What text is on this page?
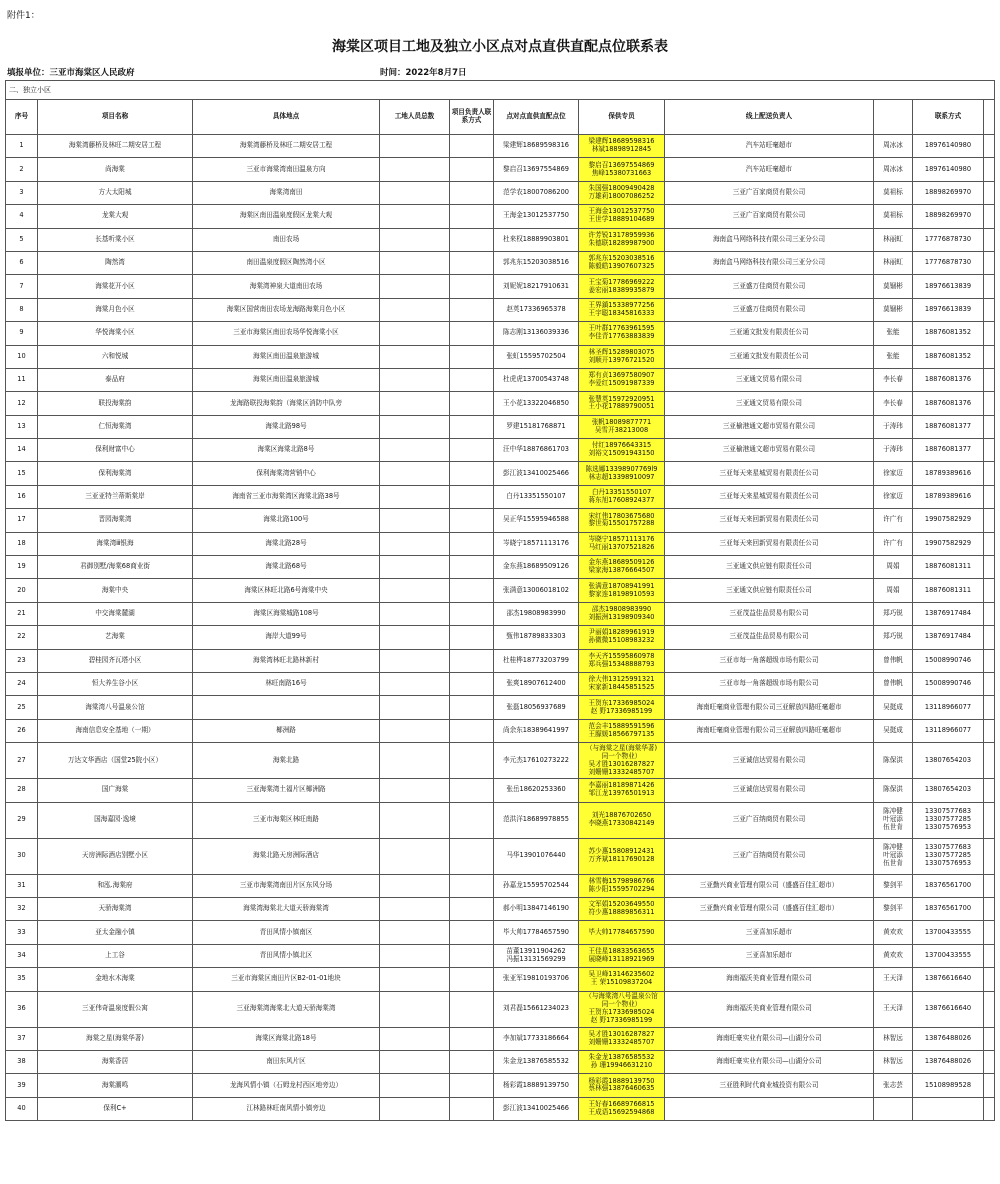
附件1：
海棠区项目工地及独立小区点对点直供直配点位联系表
填报单位：三亚市海棠区人民政府	时间：2022年8月7日
二、独立小区										
序号	项目名称	具体地点	工地人员总数	项目负责人联系方式	点对点直供直配点位	保供专员	线上配送负责人		联系方式	

1	海棠湾藤桥及林旺二期安居工程	海棠湾藤桥及林旺二期安居工程			梁建辉18689598316	梁建辉18689598316
林斌18898912845	汽车站旺毫超市	周冰冰	18976140980	

2	尚海棠	三亚市海棠湾南田温泉方向			黎启召13697554869	黎启召13697554869
焦峰15380731663	汽车站旺毫超市	周冰冰	18976140980	

3	方大太阳城	海棠湾南田			范学农18007086200	朱国强18009490428
万雄莉18007086252	三亚广百家商贸有限公司	莫祖标	18898269970	

4	龙棠大观	海棠区南田温泉度假区龙棠大观			王海金13012537750	王海金13012537750
王世学18889104689	三亚广百家商贸有限公司	莫祖标	18898269970	

5	长基听棠小区	南田农场			杜来权18889903801	许芳锐13178959936
朱德联18289987900	海南盒马网络科技有限公司三亚分公司	林丽虹	17776878730	

6	陶然湾	南田温泉度假区陶然湾小区			郭兆东15203038516	郭兆东15203038516
陈毅皓13907607325	海南盒马网络科技有限公司三亚分公司	林丽虹	17776878730	

7	海棠花开小区	海棠湾神泉大道南田农场			刘妮妮18217910631	王宝菊17786969222
姜宏丽18389935879	三亚盛万佳商贸有限公司	莫锢彬	18976613839	

8	海棠月色小区	海棠区国营南田农场龙海路海棠月色小区			赵英17336965378	王界鎮15338977256
王宇聪18345816333	三亚盛万佳商贸有限公司	莫锢彬	18976613839	

9	华悦海棠小区	三亚市海棠区南田农场华悦海棠小区			陈志刚13136039336	王叶群17763961595
李佳青17763883839	三亚通文批发有限责任公司	张能	18876081352	

10	六和悦城	海棠区南田温泉旅游城			张虹15595702504	林圣辉15289803075
刘顺开13976721520	三亚通文批发有限责任公司	张能	18876081352	

11	泰品府	海棠区南田温泉旅游城			杜虎虎13700543748	郑有贞13697580907
李爱红15091987339	三亚通文贸易有限公司	李长春	18876081376	

12	联投海棠韵	龙海路联投海棠韵（海棠区消防中队旁			王小花13322046850	张慧英15972920951
王小花17889790051	三亚通文贸易有限公司	李长春	18876081376	

13	仁恒海棠湾	海棠北路98号			罗建15181768871	张帆18089877771
吴雪开38213008	三亚榆港通文超市贸易有限公司	于涛玮	18876081377	

14	保利财富中心	海棠区海棠北路8号			汪中华18876861703	付红18976643315
刘裕文15091943150	三亚榆港通文超市贸易有限公司	于涛玮	18876081377	

15	保利海棠湾	保利海棠湾营销中心			彭江波13410025466	陈选娜13398907769l9
林志超13398910097	三亚每天来星城贸易有限责任公司	徐家迈	18789389616	

16	三亚亚特兰蒂斯棠岸	海南省三亚市海棠湾区海棠北路38号			白丹13351550107	白丹13351550107
蒋东旭17608924377	三亚每天来星城贸易有限责任公司	徐家迈	18789389616	

17	晋园海棠湾	海棠北路100号			吴正华15595946588	宋红伟17803675680
黎世菊15501757288	三亚每天来回新贸易有限责任公司	许广有	19907582929	

18	海棠湾ⅲ银海	海棠北路28号			岑晓宁18571113176	岑晓宁18571113176
马红丽13707521826	三亚每天来回新贸易有限责任公司	许广有	19907582929	

19	君御别墅/海棠68商业街	海棠北路68号			金东燕18689509126	金东燕18689509126
梁家海13876664507	三亚通文供应链有限责任公司	周娟	18876081311	

20	海棠中央	海棠区林旺北路6号海棠中央			张满意13006018102	张满意18708941991
黎家连18198910593	三亚通文供应链有限责任公司	周娟	18876081311	

21	中交海棠麓湖	海棠区海棠城路108号			邵杰19808983990	邵杰19808983990
刘振洲13198909340	三亚茂益佳品贸易有限公司	郑巧锐	13876917484	

22	艺海棠	海岸大道99号			甄伟18789833303	尹丽娟18289961919
孙微微15108983232	三亚茂益佳品贸易有限公司	郑巧锐	13876917484	

23	碧桂园齐瓦塔小区	海棠湾林旺北路林新村			杜桂桦18773203799	李天齐15595860978
郑兵强15348888793	三亚市每一角落超级市场有限公司	曾伟帆	15008990746	

24	恒大养生谷小区	林旺南路16号			张爽18907612400	徐大伟13125991321
宋家新18445851525	三亚市每一角落超级市场有限公司	曾伟帆	15008990746	

25	海棠湾八号温泉公馆				张磊18056937689	王贺东17336985024
赵 野17336985199	海南旺毫商业管理有限公司三亚解放四路旺毫超市	吴挺成	13118966077	

26	海南信息安全基地（一期）	椰洲路			尚余东18389641997	范会丰15889591596
王朦媛18566797135	海南旺毫商业管理有限公司三亚解放四路旺毫超市	吴挺成	13118966077	

27	万达文华酒店（国堂25院小区）	海棠北路			李元杰17610273222	（与海棠之星(海棠华著)
同一个物业）
吴才胜13016287827
刘姗姗13332485707	三亚诚信达贸易有限公司	陈保洪	13807654203	

28	国广海棠	三亚海棠湾土福片区椰洲路			张岳18620253360	李嘉丽18189871426
邹江龙13976501913	三亚诚信达贸易有限公司	陈保洪	13807654203	

29	国海嘉园·逸境	三亚市海棠区林旺南路			范洪洋18689978855	刘光18876702650
李晓燕17330842149	三亚广百纳商贸有限公司	陈冲健
叶冠添
伍世肯	13307577683
13307577285
13307576953	

30	天房洲际酒店别墅小区	海棠北路天房洲际酒店			马华13901076440	苏少惠15808912431
万齐斌18117690128	三亚广百纳商贸有限公司	陈冲健
叶冠添
伍世肯	13307577683
13307577285
13307576953	

31	和泓.海棠府	三亚市海棠湾南田片区东风分场			孙嘉龙15595702544	林雪梅15798986766
陈少阳15595702294	三亚勤兴商业管理有限公司（盛盛百佳汇超市）	黎剑平	18376561700	

32	天骄海棠湾	海棠湾海棠北大道天骄海棠湾			郝小明13847146190	文军娟15203649550
符少惠18889856311	三亚勤兴商业管理有限公司（盛盛百佳汇超市）	黎剑平	18376561700	

33	亚太金融小镇	青田风情小镇南区			毕大帅17784657590	毕大帅17784657590	三亚喜加乐超市	黄欢欢	13700433555	

34	上工谷	青田风情小镇北区			苗董13911904262
冯振13131569299	王佳星18833563655
展晓峰13118921969	三亚喜加乐超市	黄欢欢	13700433555	

35	金地水木海棠	三亚市海棠区南田片区B2-01-01地块			张亚军19810193706	吴卫峰13146235602
王 荣15109837204	海南福沃美商业管理有限公司	王天泽	13876616640	

36	三亚伟奇温泉度假公寓	三亚海棠湾海棠北大道天骄海棠湾			刘君磊15661234023	（与海棠湾八号温泉公馆
同一个物业）
王贺东17336985024
赵 野17336985199	海南福沃美商业管理有限公司	王天泽	13876616640	

37	海棠之星(海棠华著)	海棠区海棠北路18号			李加斌17733186664	吴才胜13016287827
刘姗姗13332485707	海南旺豪实业有限公司—山湖分公司	林智远	13876488026	

38	海棠香居	南田东风片区			朱金龙13876585532	朱金龙13876585532
孙 珊19946631210	海南旺豪实业有限公司—山湖分公司	林智远	13876488026	

39	海棠潮鸣	龙海风情小镇（石姆龙村西区地旁边）			杨彩霞18889139750	杨彩霞18889139750
蔡林强13876460635	三亚胜利时代商业城投资有限公司	张志芸	15108989528	

40	保利C+	江林路林旺南风情小镇旁边			彭江波13410025466	王好春16689766815
王成语15692594868				
